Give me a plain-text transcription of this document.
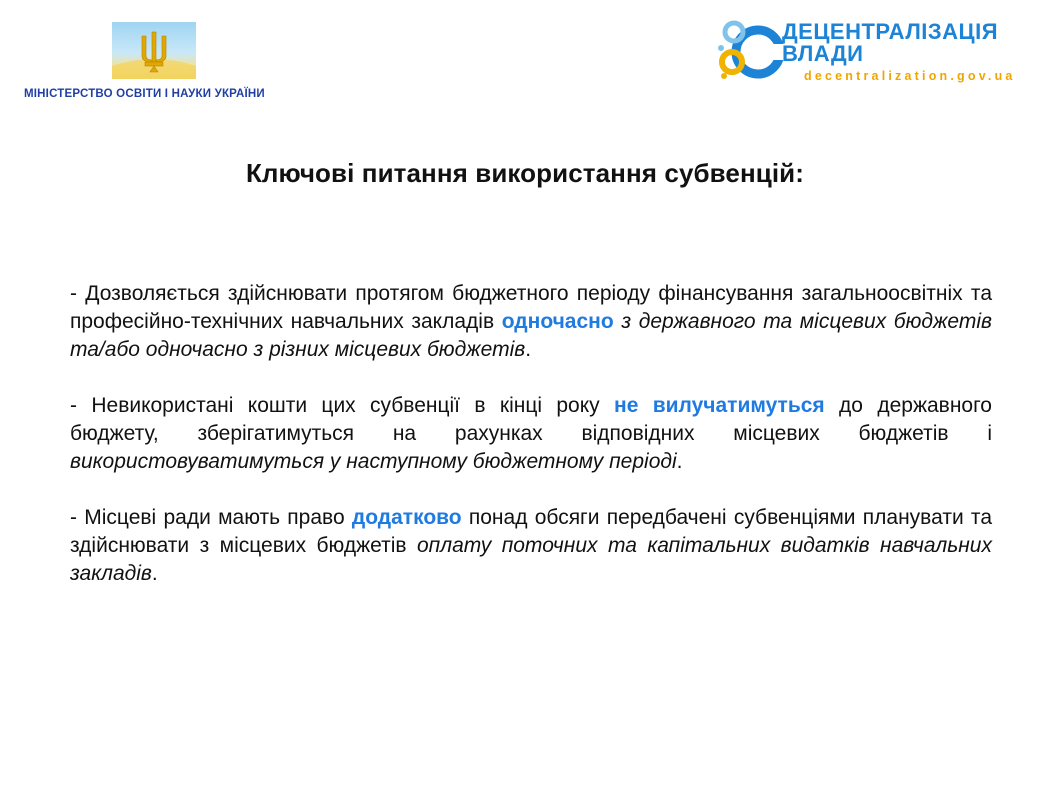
МІНІСТЕРСТВО ОСВІТИ І НАУКИ УКРАЇНИ
ДЕЦЕНТРАЛІЗАЦІЯ
ВЛАДИ
decentralization.gov.ua
Ключові питання використання субвенцій:

- Дозволяється здійснювати протягом бюджетного періоду фінансування загальноосвітніх та професійно-технічних навчальних закладів одночасно з державного та місцевих бюджетів та/або одночасно з різних місцевих бюджетів.

- Невикористані кошти цих субвенції в кінці року не вилучатимуться до державного бюджету, зберігатимуться на рахунках відповідних місцевих бюджетів і використовуватимуться у наступному бюджетному періоді.

- Місцеві ради мають право додатково понад обсяги передбачені субвенціями планувати та здійснювати з місцевих бюджетів оплату поточних та капітальних видатків навчальних закладів.
